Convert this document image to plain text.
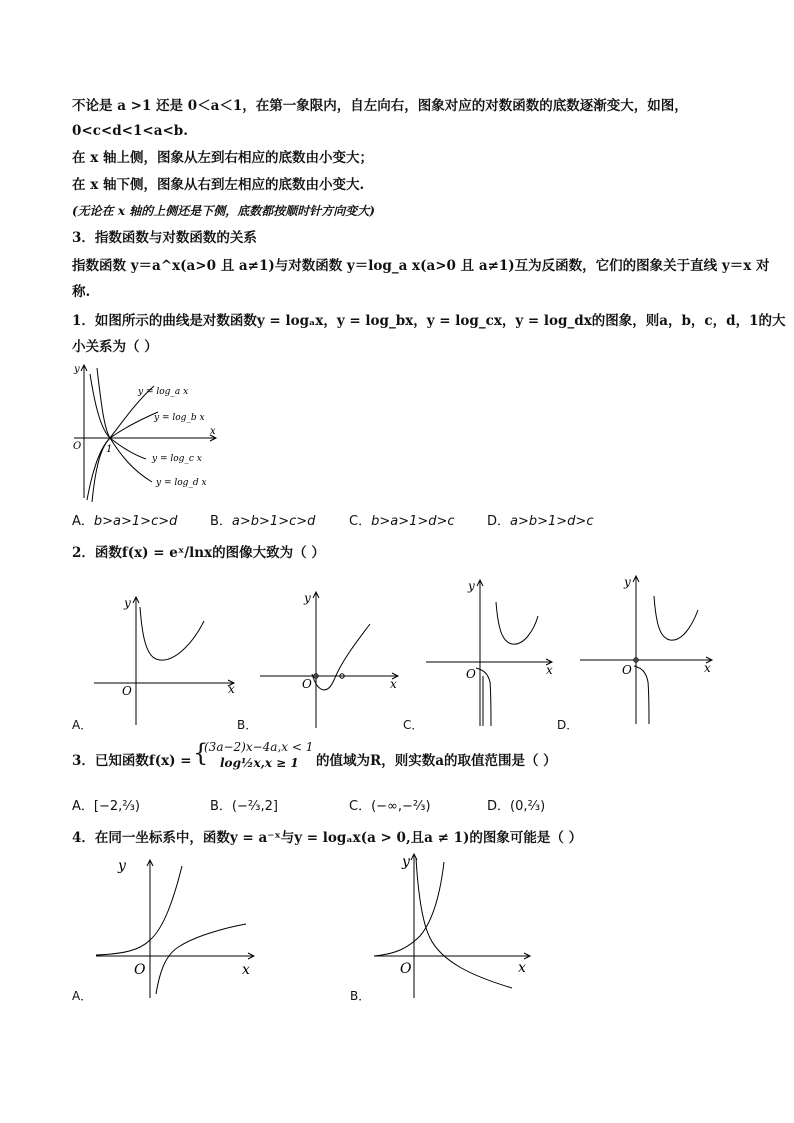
不论是 a >1 还是 0＜a＜1，在第一象限内，自左向右，图象对应的对数函数的底数逐渐变大，如图，
0<c<d<1<a<b.
在 x 轴上侧，图象从左到右相应的底数由小变大；
在 x 轴下侧，图象从右到左相应的底数由小变大.
(无论在 x 轴的上侧还是下侧，底数都按顺时针方向变大)
3．指数函数与对数函数的关系
指数函数 y＝a^x(a>0 且 a≠1)与对数函数 y＝log_a x(a>0 且 a≠1)互为反函数，它们的图象关于直线 y＝x 对
称.
1．如图所示的曲线是对数函数y = logₐx，y = log_bx，y = log_cx，y = log_dx的图象，则a，b，c，d，1的大
小关系为（ ）
y
x
O 1
y = log_a x
y = log_b x
y = log_c x
y = log_d x
A．b>a>1>c>d	B．a>b>1>c>d	C．b>a>1>d>c D．a>b>1>d>c
2．函数f(x) = eˣ/lnx的图像大致为（ ）
y
x
O
A．
y
x
O
B．
y
x
O
C．
y
x
O
D．
3．已知函数f(x) = {
(3a−2)x−4a,x < 1
log½x,x ≥ 1 的值域为R，则实数a的取值范围是（ ）
A．[−2,⅔)	B．(−⅔,2]	C．(−∞,−⅔)	D．(0,⅔)
4．在同一坐标系中，函数y = a⁻ˣ与y = logₐx(a > 0,且a ≠ 1)的图象可能是（ ）
y
x
O
A．
y
x
O
B．
